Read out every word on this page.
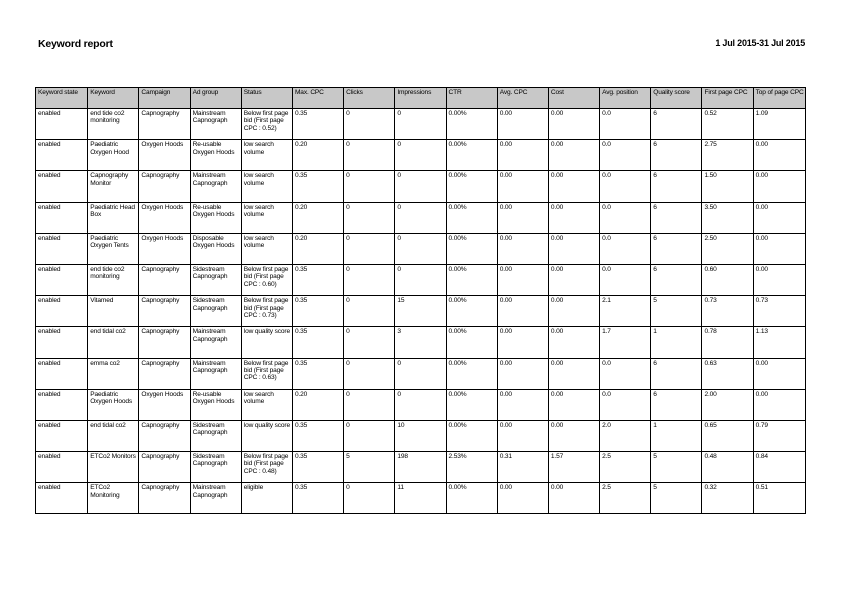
Keyword report	1 Jul 2015-31 Jul 2015
Keyword state	Keyword	Campaign	Ad group	Status	Max. CPC	Clicks	Impressions	CTR	Avg. CPC	Cost	Avg. position	Quality score	First page CPC	Top of page CPC
enabled	end tide co2 monitoring	Capnography	Mainstream Capnograph	Below first page bid (First page CPC : 0.52)	0.35	0	0	0.00%	0.00	0.00	0.0	6	0.52	1.09
enabled	Paediatric Oxygen Hood	Oxygen Hoods	Re-usable Oxygen Hoods	low search volume	0.20	0	0	0.00%	0.00	0.00	0.0	6	2.75	0.00
enabled	Capnography Monitor	Capnography	Mainstream Capnograph	low search volume	0.35	0	0	0.00%	0.00	0.00	0.0	6	1.50	0.00
enabled	Paediatric Head Box	Oxygen Hoods	Re-usable Oxygen Hoods	low search volume	0.20	0	0	0.00%	0.00	0.00	0.0	6	3.50	0.00
enabled	Paediatric Oxygen Tents	Oxygen Hoods	Disposable Oxygen Hoods	low search volume	0.20	0	0	0.00%	0.00	0.00	0.0	6	2.50	0.00
enabled	end tide co2 monitoring	Capnography	Sidestream Capnograph	Below first page bid (First page CPC : 0.60)	0.35	0	0	0.00%	0.00	0.00	0.0	6	0.60	0.00
enabled	Vitamed	Capnography	Sidestream Capnograph	Below first page bid (First page CPC : 0.73)	0.35	0	15	0.00%	0.00	0.00	2.1	5	0.73	0.73
enabled	end tidal co2	Capnography	Mainstream Capnograph	low quality score	0.35	0	3	0.00%	0.00	0.00	1.7	1	0.78	1.13
enabled	emma co2	Capnography	Mainstream Capnograph	Below first page bid (First page CPC : 0.63)	0.35	0	0	0.00%	0.00	0.00	0.0	6	0.63	0.00
enabled	Paediatric Oxygen Hoods	Oxygen Hoods	Re-usable Oxygen Hoods	low search volume	0.20	0	0	0.00%	0.00	0.00	0.0	6	2.00	0.00
enabled	end tidal co2	Capnography	Sidestream Capnograph	low quality score	0.35	0	10	0.00%	0.00	0.00	2.0	1	0.65	0.79
enabled	ETCo2 Monitors	Capnography	Sidestream Capnograph	Below first page bid (First page CPC : 0.48)	0.35	5	198	2.53%	0.31	1.57	2.5	5	0.48	0.84
enabled	ETCo2 Monitoring	Capnography	Mainstream Capnograph	eligible	0.35	0	11	0.00%	0.00	0.00	2.5	5	0.32	0.51
